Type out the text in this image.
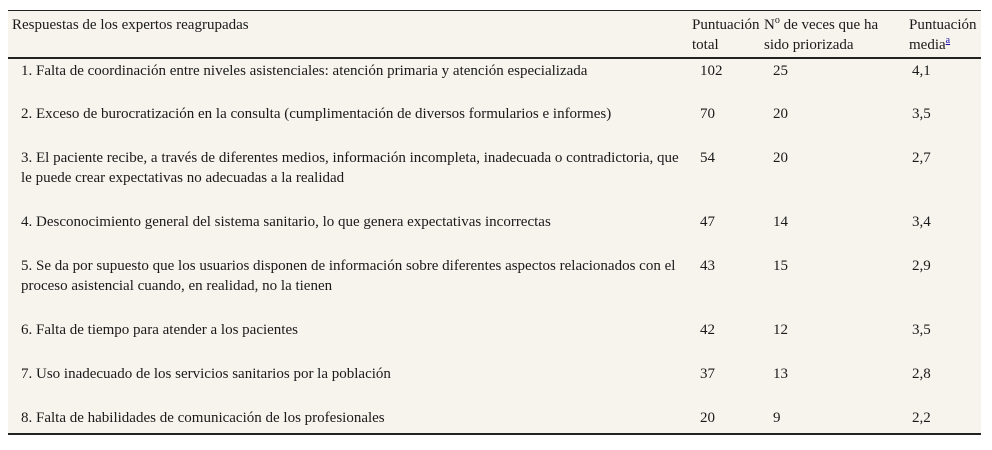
Respuestas de los expertos reagrupadas	Puntuación total	$N^o$ de veces que ha sido priorizada	Puntuación media$^a$
1. Falta de coordinación entre niveles asistenciales: atención primaria y atención especializada	102	25	4,1
2. Exceso de burocratización en la consulta (cumplimentación de diversos formularios e informes)	70	20	3,5
3. El paciente recibe, a través de diferentes medios, información incompleta, inadecuada o contradictoria, que le puede crear expectativas no adecuadas a la realidad	54	20	2,7
4. Desconocimiento general del sistema sanitario, lo que genera expectativas incorrectas	47	14	3,4
5. Se da por supuesto que los usuarios disponen de información sobre diferentes aspectos relacionados con el proceso asistencial cuando, en realidad, no la tienen	43	15	2,9
6. Falta de tiempo para atender a los pacientes	42	12	3,5
7. Uso inadecuado de los servicios sanitarios por la población	37	13	2,8
8. Falta de habilidades de comunicación de los profesionales	20	9	2,2
